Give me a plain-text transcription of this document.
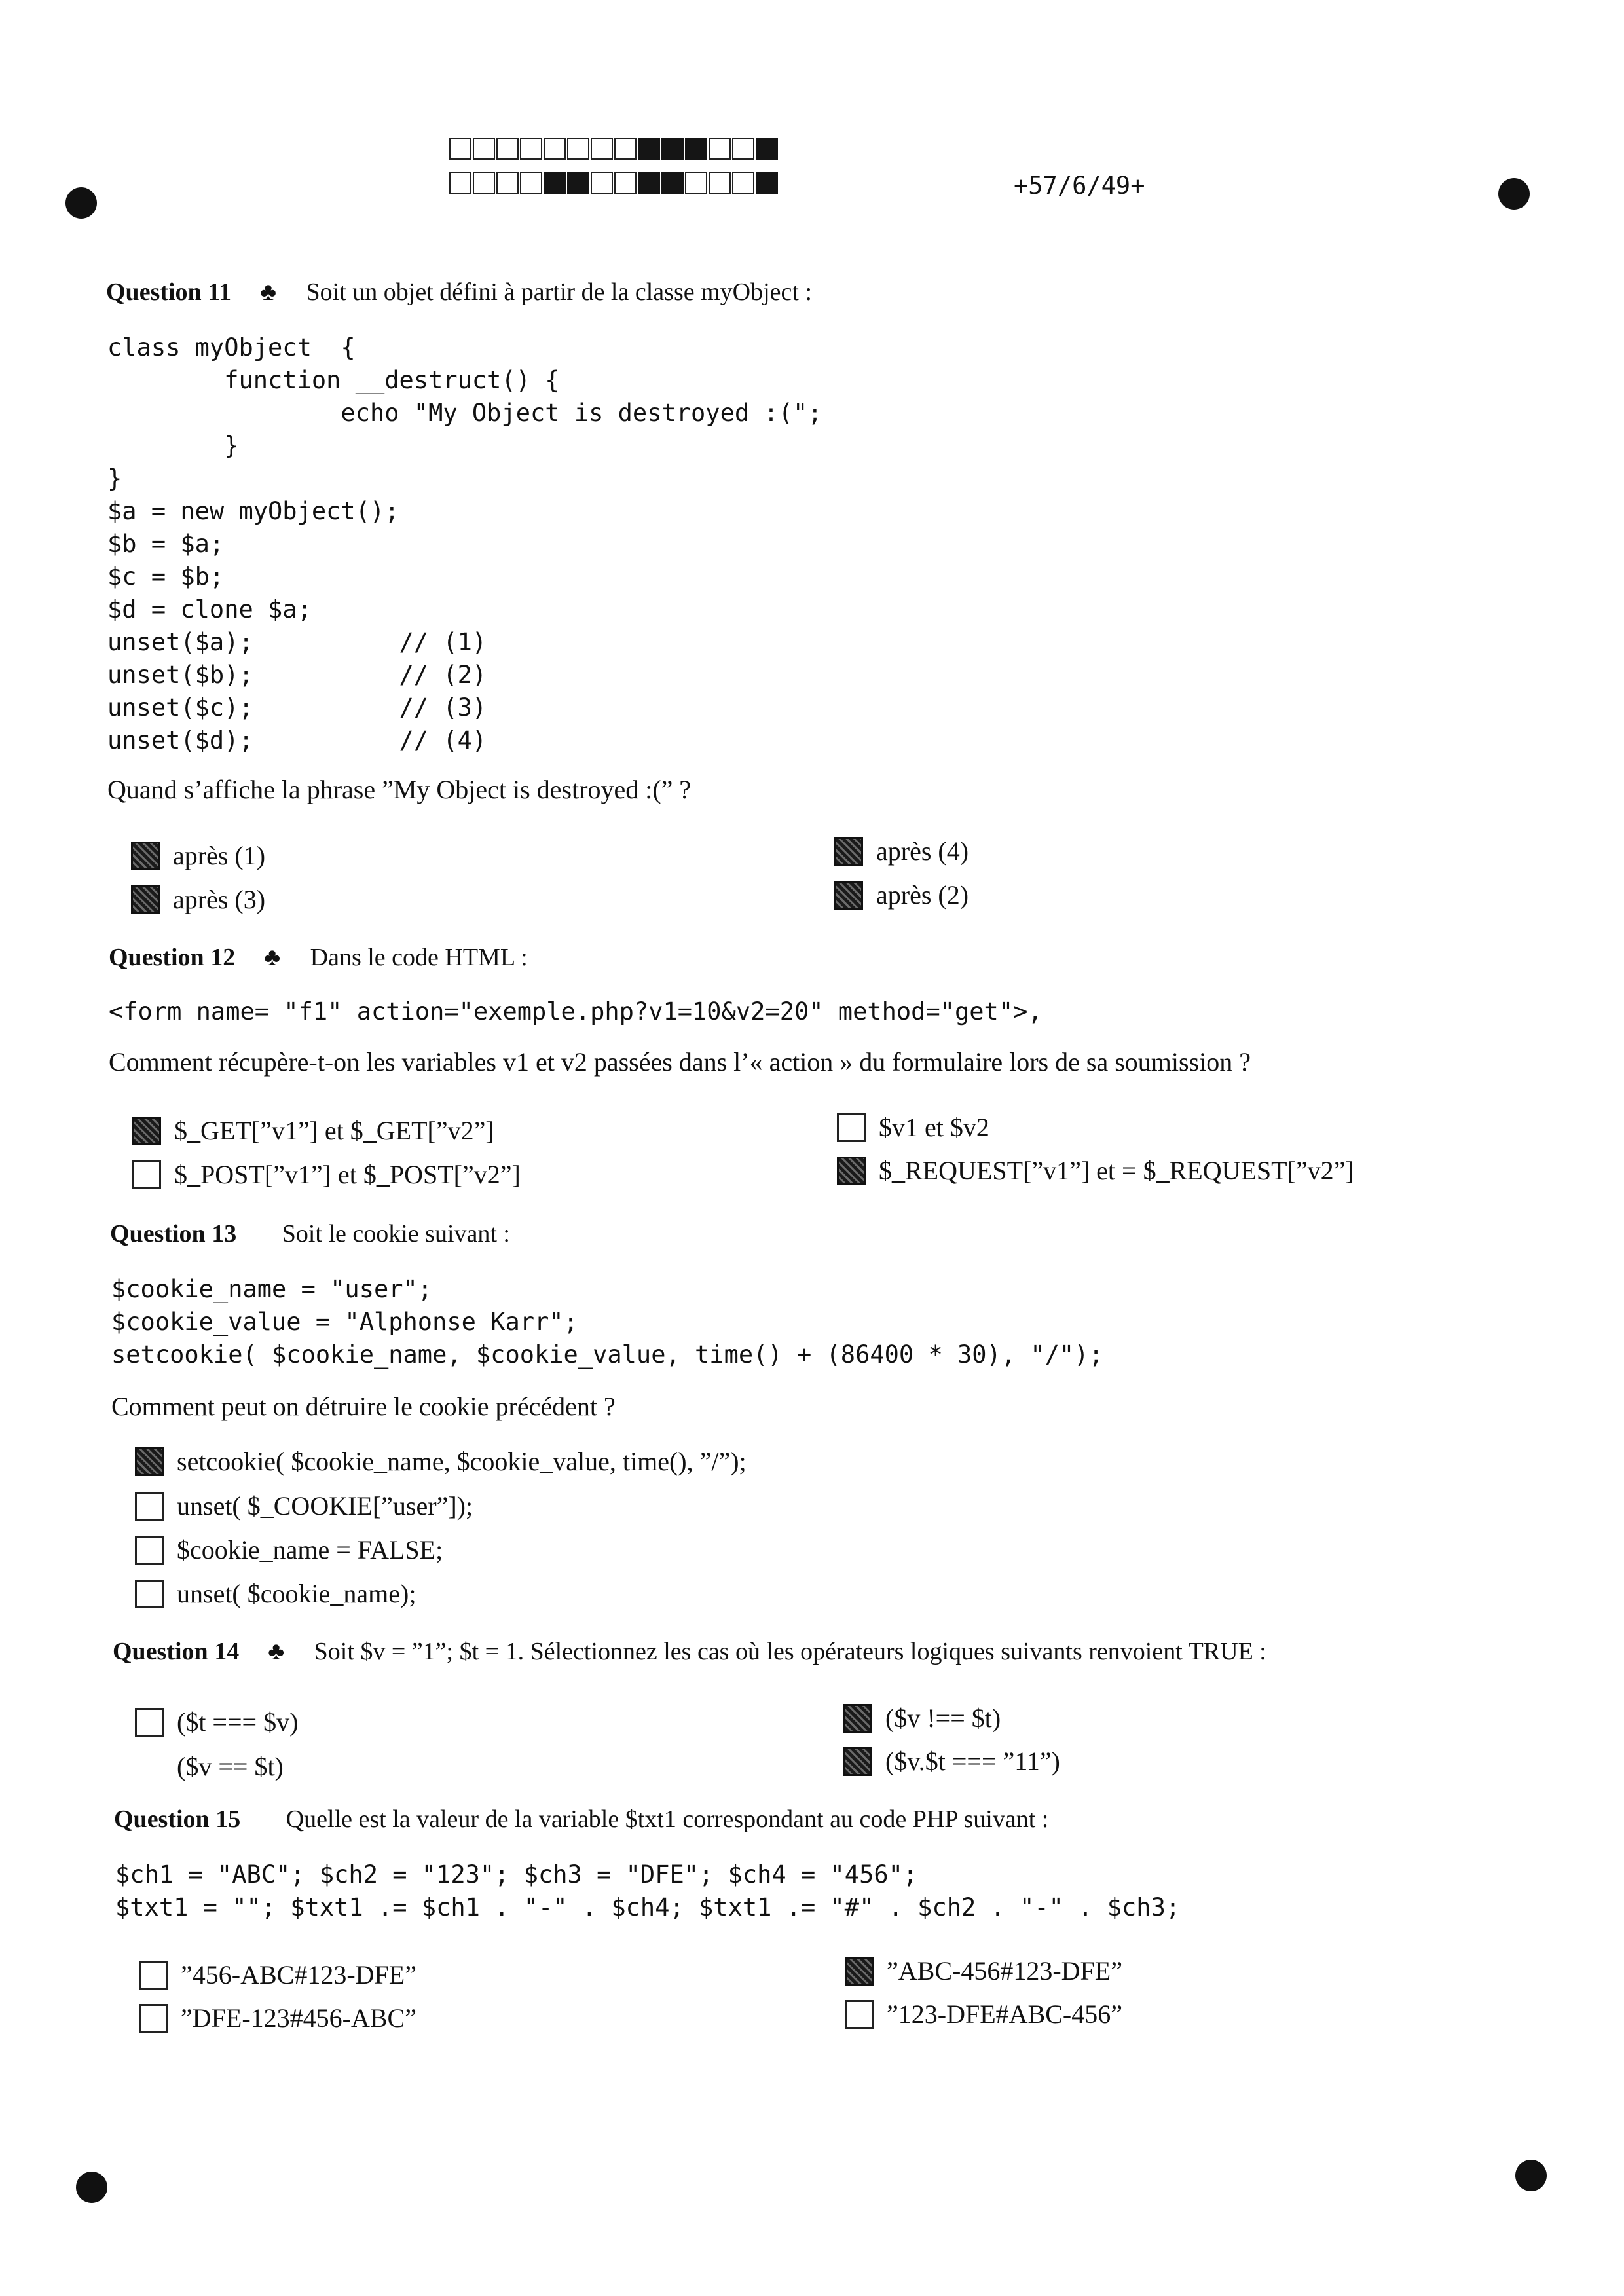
+57/6/49+
Question 11 ♣ Soit un objet défini à partir de la classe myObject :
class myObject  {
function __destruct() {
echo "My Object is destroyed :(";
}
}
$a = new myObject();
$b = $a;
$c = $b;
$d = clone $a;
unset($a);          // (1)
unset($b);          // (2)
unset($c);          // (3)
unset($d);          // (4)
Quand s’affiche la phrase ”My Object is destroyed :(” ?
après (1)	après (4)
après (3)	après (2)
Question 12 ♣ Dans le code HTML :
<form name= "f1" action="exemple.php?v1=10&v2=20" method="get">,
Comment récupère-t-on les variables v1 et v2 passées dans l’« action » du formulaire lors de sa soumission ?
$_GET[”v1”] et $_GET[”v2”]	$v1 et $v2
$_POST[”v1”] et $_POST[”v2”]	$_REQUEST[”v1”] et = $_REQUEST[”v2”]
Question 13 Soit le cookie suivant :
$cookie_name = "user";
$cookie_value = "Alphonse Karr";
setcookie( $cookie_name, $cookie_value, time() + (86400 * 30), "/");
Comment peut on détruire le cookie précédent ?
setcookie( $cookie_name, $cookie_value, time(), ”/”);
unset( $_COOKIE[”user”]);
$cookie_name = FALSE;
unset( $cookie_name);
Question 14 ♣ Soit $v = ”1”; $t = 1. Sélectionnez les cas où les opérateurs logiques suivants renvoient TRUE :
($t === $v)	($v !== $t)
($v == $t)	($v.$t === ”11”)
Question 15 Quelle est la valeur de la variable $txt1 correspondant au code PHP suivant :
$ch1 = "ABC"; $ch2 = "123"; $ch3 = "DFE"; $ch4 = "456";
$txt1 = ""; $txt1 .= $ch1 . "-" . $ch4; $txt1 .= "#" . $ch2 . "-" . $ch3;
”456-ABC#123-DFE”	”ABC-456#123-DFE”
”DFE-123#456-ABC”	”123-DFE#ABC-456”
